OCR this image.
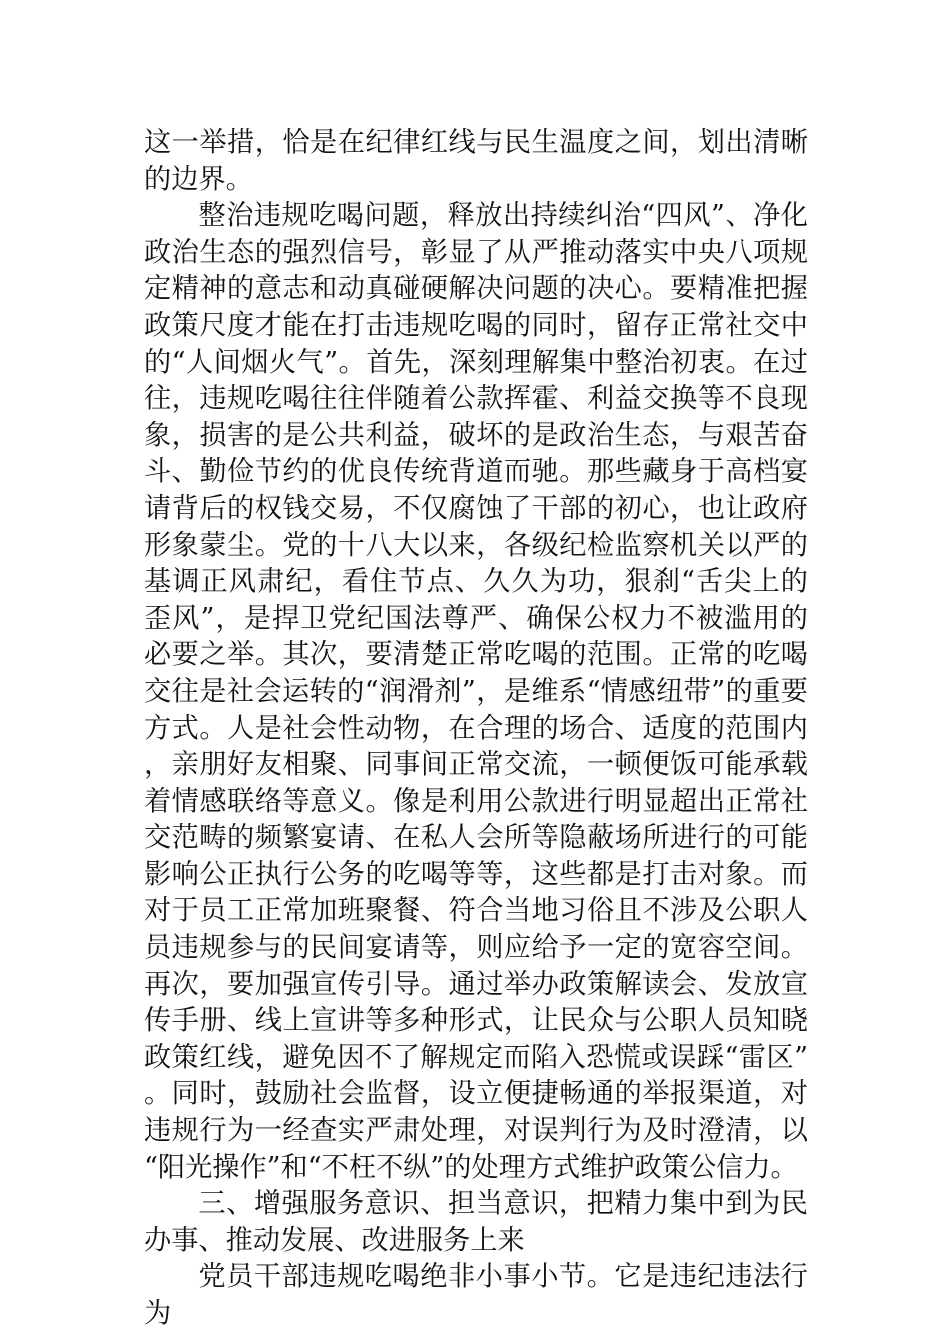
这一举措，恰是在纪律红线与民生温度之间，划出清晰的边界。

整治违规吃喝问题，释放出持续纠治“四风”、净化政治生态的强烈信号，彰显了从严推动落实中央八项规定精神的意志和动真碰硬解决问题的决心。要精准把握政策尺度才能在打击违规吃喝的同时，留存正常社交中的“人间烟火气”。首先，深刻理解集中整治初衷。在过往，违规吃喝往往伴随着公款挥霍、利益交换等不良现象，损害的是公共利益，破坏的是政治生态，与艰苦奋斗、勤俭节约的优良传统背道而驰。那些藏身于高档宴请背后的权钱交易，不仅腐蚀了干部的初心，也让政府形象蒙尘。党的十八大以来，各级纪检监察机关以严的基调正风肃纪，看住节点、久久为功，狠刹“舌尖上的歪风”，是捍卫党纪国法尊严、确保公权力不被滥用的必要之举。其次，要清楚正常吃喝的范围。正常的吃喝交往是社会运转的“润滑剂”，是维系“情感纽带”的重要方式。人是社会性动物，在合理的场合、适度的范围内，亲朋好友相聚、同事间正常交流，一顿便饭可能承载着情感联络等意义。像是利用公款进行明显超出正常社交范畴的频繁宴请、在私人会所等隐蔽场所进行的可能影响公正执行公务的吃喝等等，这些都是打击对象。而对于员工正常加班聚餐、符合当地习俗且不涉及公职人员违规参与的民间宴请等，则应给予一定的宽容空间。再次，要加强宣传引导。通过举办政策解读会、发放宣传手册、线上宣讲等多种形式，让民众与公职人员知晓政策红线，避免因不了解规定而陷入恐慌或误踩“雷区”。同时，鼓励社会监督，设立便捷畅通的举报渠道，对违规行为一经查实严肃处理，对误判行为及时澄清，以“阳光操作”和“不枉不纵”的处理方式维护政策公信力。

三、增强服务意识、担当意识，把精力集中到为民办事、推动发展、改进服务上来

党员干部违规吃喝绝非小事小节。它是违纪违法行为
